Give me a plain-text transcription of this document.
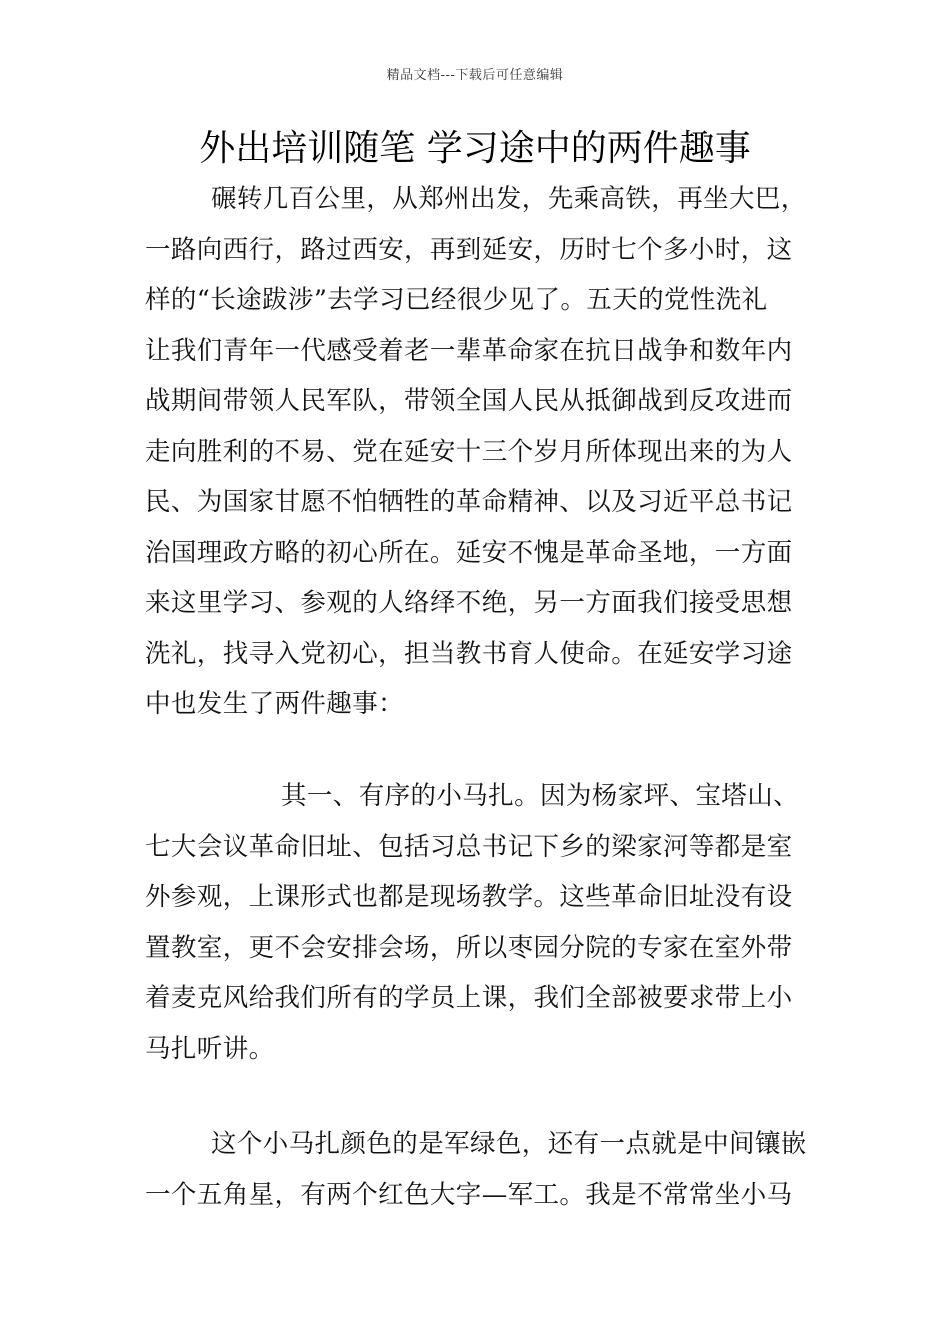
精品文档---下载后可任意编辑
外出培训随笔 学习途中的两件趣事
碾转几百公里，从郑州出发，先乘高铁，再坐大巴，
一路向西行，路过西安，再到延安，历时七个多小时，这
样的“长途跋涉”去学习已经很少见了。五天的党性洗礼
让我们青年一代感受着老一辈革命家在抗日战争和数年内
战期间带领人民军队，带领全国人民从抵御战到反攻进而
走向胜利的不易、党在延安十三个岁月所体现出来的为人
民、为国家甘愿不怕牺牲的革命精神、以及习近平总书记
治国理政方略的初心所在。延安不愧是革命圣地，一方面
来这里学习、参观的人络绎不绝，另一方面我们接受思想
洗礼，找寻入党初心，担当教书育人使命。在延安学习途
中也发生了两件趣事：
其一、有序的小马扎。因为杨家坪、宝塔山、
七大会议革命旧址、包括习总书记下乡的梁家河等都是室
外参观，上课形式也都是现场教学。这些革命旧址没有设
置教室，更不会安排会场，所以枣园分院的专家在室外带
着麦克风给我们所有的学员上课，我们全部被要求带上小
马扎听讲。
这个小马扎颜色的是军绿色，还有一点就是中间镶嵌
一个五角星，有两个红色大字—军工。我是不常常坐小马
